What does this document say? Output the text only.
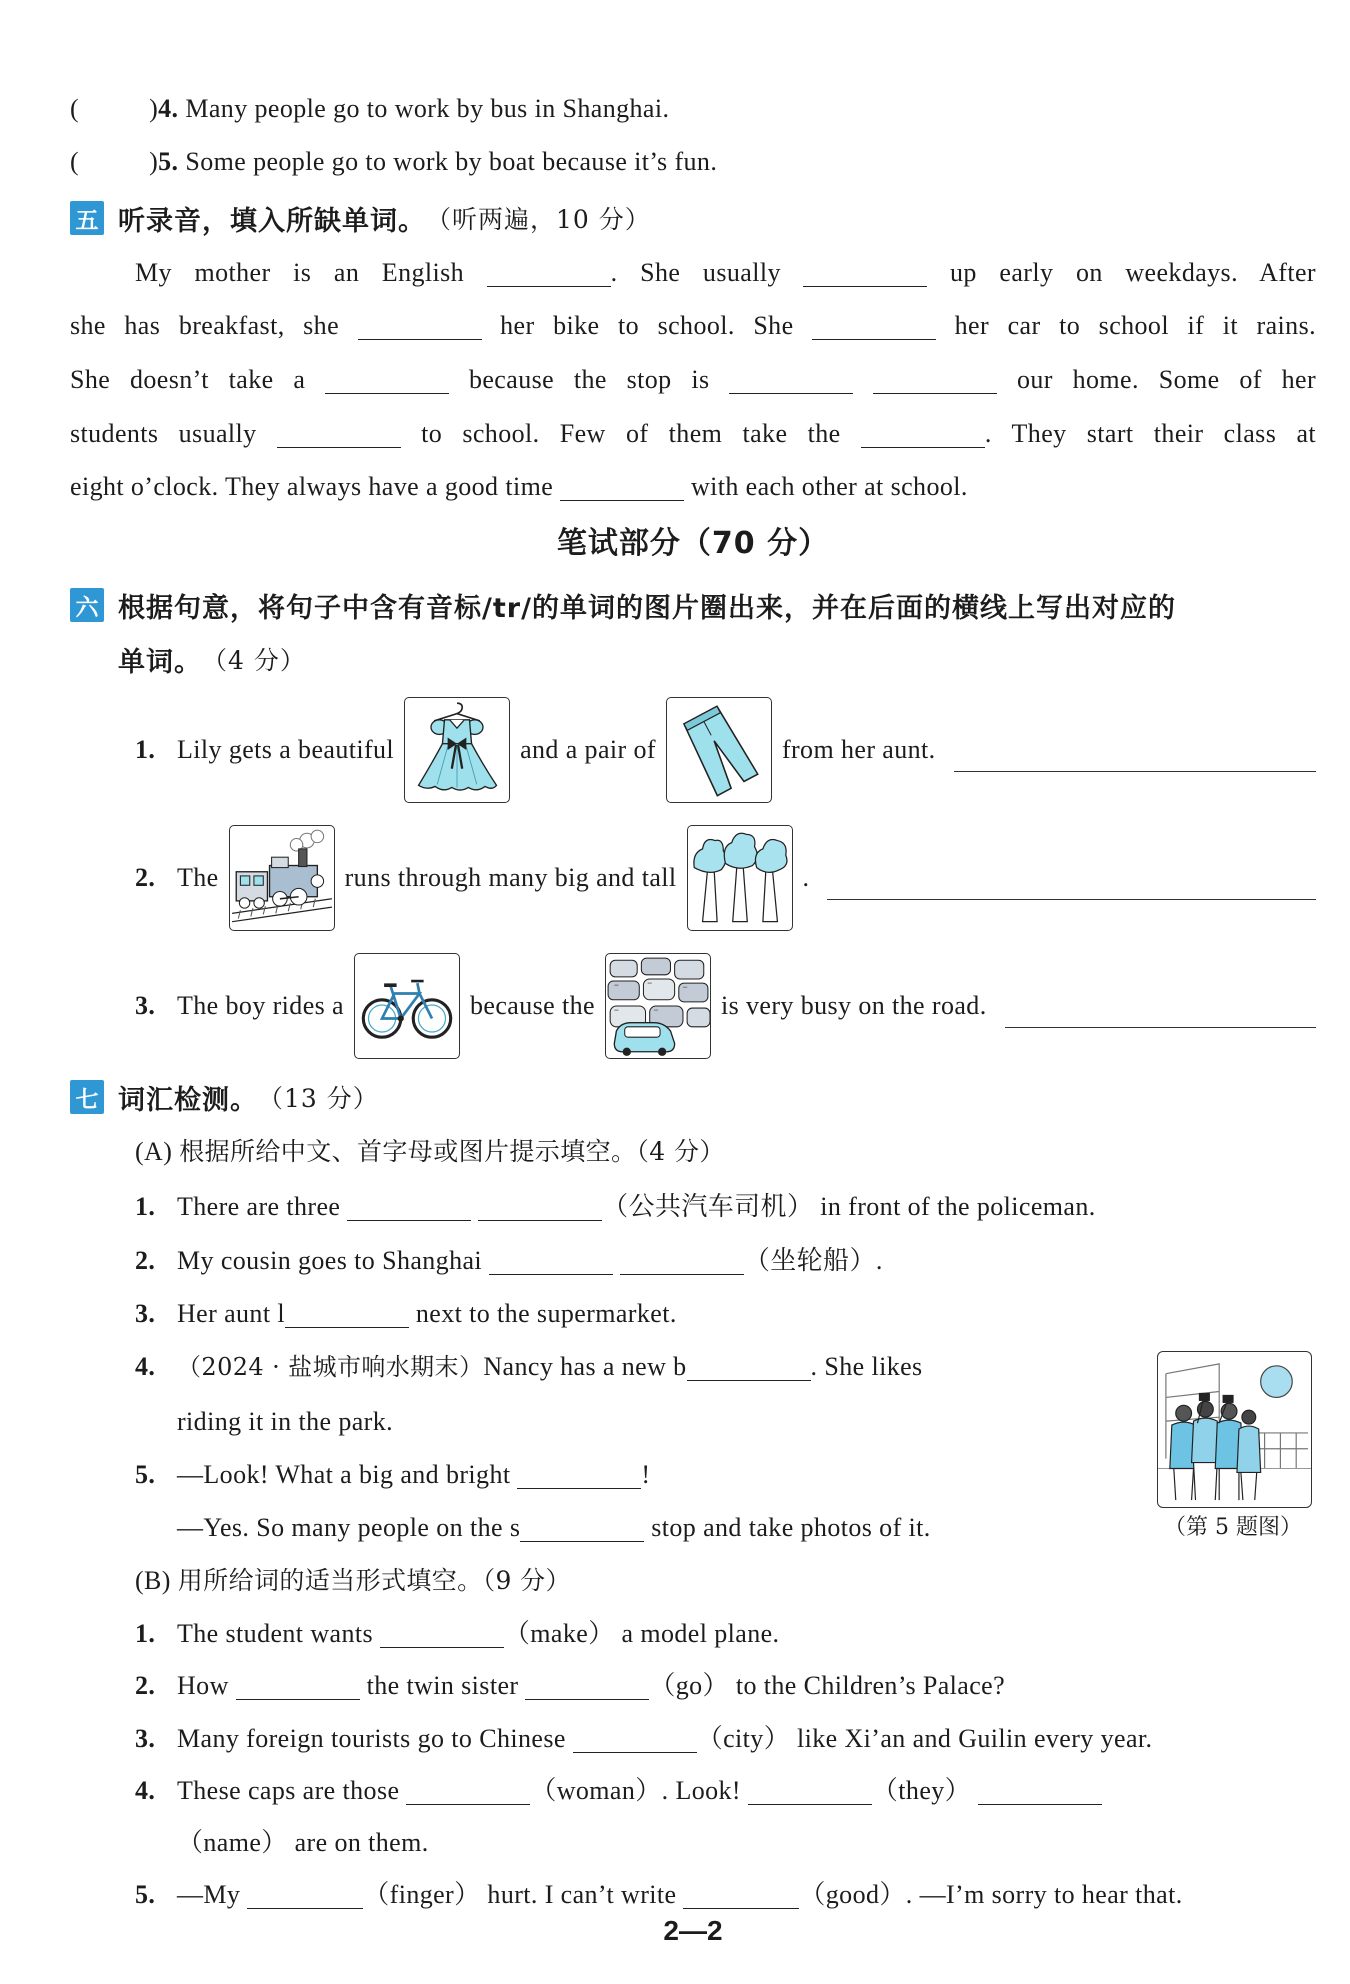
(	)4. Many people go to work by bus in Shanghai.
(	)5. Some people go to work by boat because it’s fun.
五 听录音，填入所缺单词。 （听两遍，10 分）
My mother is an English	. She usually	up early on weekdays. After
she has breakfast, she	her bike to school. She	her car to school if it rains.
She doesn’t take a	because the stop is	our home. Some of her
students usually	to school. Few of them take the	. They start their class at
eight o’clock. They always have a good time	with each other at school.
笔试部分（70 分）
六 根据句意，将句子中含有音标/tr/的单词的图片圈出来，并在后面的横线上写出对应的
单词。 （4 分）
1. Lily gets a beautiful	and a pair of	from her aunt.
2. The	runs through many big and tall	.
3. The boy rides a	because the	is very busy on the road.
七 词汇检测。 （13 分）
(A) 根据所给中文、首字母或图片提示填空。（4 分）
1. There are three	（公共汽车司机） in front of the policeman.
2. My cousin goes to Shanghai	（坐轮船）.
3. Her aunt l	next to the supermarket.
4. （2024 · 盐城市响水期末）Nancy has a new b	. She likes
riding it in the park.
5. —Look! What a big and bright	!
—Yes. So many people on the s	stop and take photos of it.	（第 5 题图）
(B) 用所给词的适当形式填空。（9 分）
1. The student wants	（make） a model plane.
2. How	the twin sister	（go） to the Children’s Palace?
3. Many foreign tourists go to Chinese	（city） like Xi’an and Guilin every year.
4. These caps are those	（woman）. Look!	（they）
（name） are on them.
5. —My	（finger） hurt. I can’t write	（good）. —I’m sorry to hear that.
2—2
